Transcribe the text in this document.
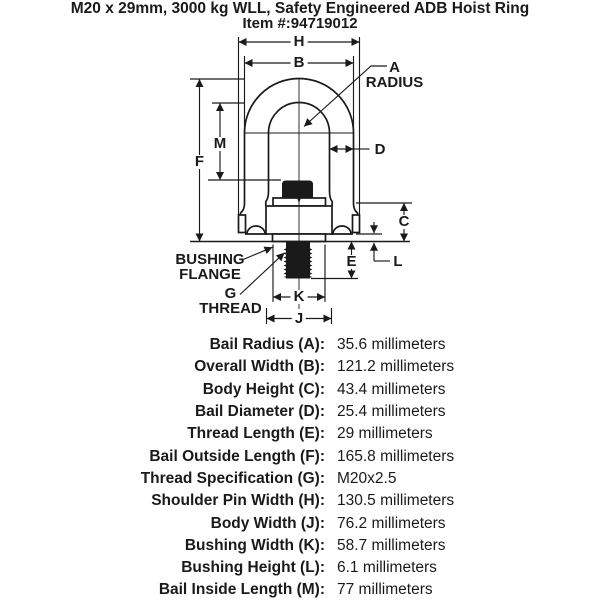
M20 x 29mm, 3000 kg WLL, Safety Engineered ADB Hoist Ring
Item #:94719012
H
B
F
M	D
C
E L
K
J
A
RADIUS
BUSHING
FLANGE
G
THREAD
Bail Radius (A): 35.6 millimeters
Overall Width (B): 121.2 millimeters
Body Height (C): 43.4 millimeters
Bail Diameter (D): 25.4 millimeters
Thread Length (E): 29 millimeters
Bail Outside Length (F): 165.8 millimeters
Thread Specification (G): M20x2.5
Shoulder Pin Width (H): 130.5 millimeters
Body Width (J): 76.2 millimeters
Bushing Width (K): 58.7 millimeters
Bushing Height (L): 6.1 millimeters
Bail Inside Length (M): 77 millimeters
